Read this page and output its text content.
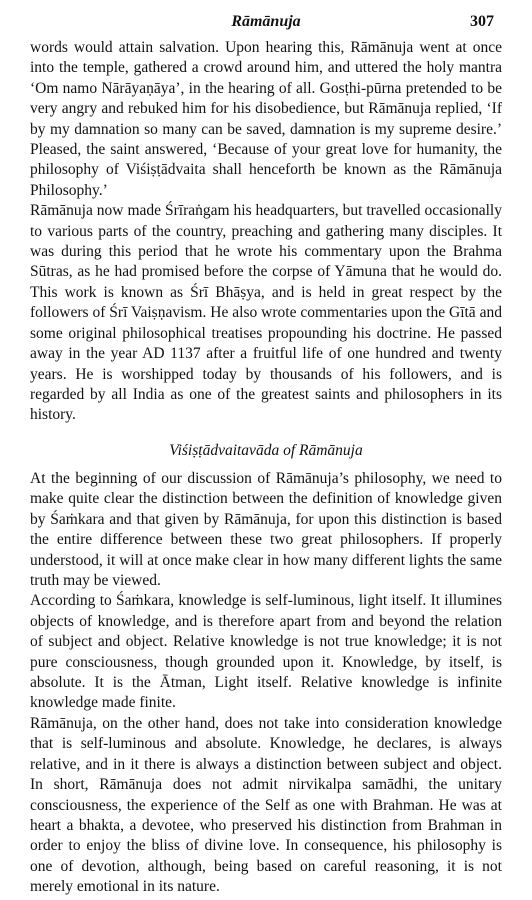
Rāmānuja	307

words would attain salvation. Upon hearing this, Rāmānuja went at once into the temple, gathered a crowd around him, and uttered the holy mantra ‘Om namo Nārāyaṇāya’, in the hearing of all. Gosṭhi-pūrna pretended to be very angry and rebuked him for his disobedience, but Rāmānuja replied, ‘If by my damnation so many can be saved, damnation is my supreme desire.’ Pleased, the saint answered, ‘Because of your great love for humanity, the philosophy of Viśiṣṭādvaita shall henceforth be known as the Rāmānuja Philosophy.’

Rāmānuja now made Śrīraṅgam his headquarters, but travelled occasionally to various parts of the country, preaching and gathering many disciples. It was during this period that he wrote his commentary upon the Brahma Sūtras, as he had promised before the corpse of Yāmuna that he would do. This work is known as Śrī Bhāṣya, and is held in great respect by the followers of Śrī Vaiṣṇavism. He also wrote commentaries upon the Gītā and some original philosophical treatises propounding his doctrine. He passed away in the year AD 1137 after a fruitful life of one hundred and twenty years. He is worshipped today by thousands of his followers, and is regarded by all India as one of the greatest saints and philosophers in its history.

Viśiṣṭādvaitavāda of Rāmānuja

At the beginning of our discussion of Rāmānuja’s philosophy, we need to make quite clear the distinction between the definition of knowledge given by Śaṁkara and that given by Rāmānuja, for upon this distinction is based the entire difference between these two great philosophers. If properly understood, it will at once make clear in how many different lights the same truth may be viewed.

According to Śaṁkara, knowledge is self-luminous, light itself. It illumines objects of knowledge, and is therefore apart from and beyond the relation of subject and object. Relative knowledge is not true knowledge; it is not pure consciousness, though grounded upon it. Knowledge, by itself, is absolute. It is the Ātman, Light itself. Relative knowledge is infinite knowledge made finite.

Rāmānuja, on the other hand, does not take into consideration knowledge that is self-luminous and absolute. Knowledge, he declares, is always relative, and in it there is always a distinction between subject and object. In short, Rāmānuja does not admit nirvikalpa samādhi, the unitary consciousness, the experience of the Self as one with Brahman. He was at heart a bhakta, a devotee, who preserved his distinction from Brahman in order to enjoy the bliss of divine love. In consequence, his philosophy is one of devotion, although, being based on careful reasoning, it is not merely emotional in its nature.
